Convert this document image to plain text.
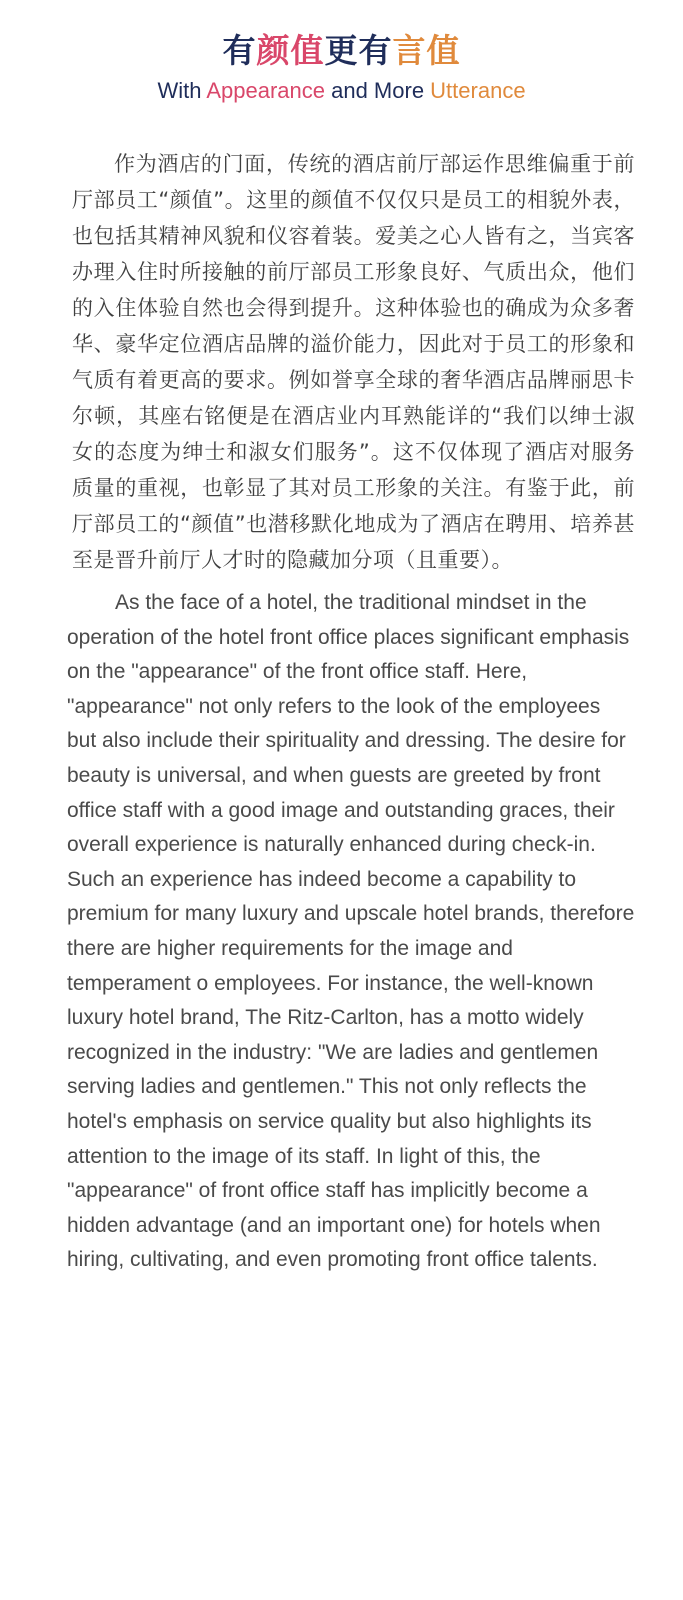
有颜值更有言值
With Appearance and More Utterance

作为酒店的门面，传统的酒店前厅部运作思维偏重于前厅部员工“颜值”。这里的颜值不仅仅只是员工的相貌外表，也包括其精神风貌和仪容着装。爱美之心人皆有之，当宾客办理入住时所接触的前厅部员工形象良好、气质出众，他们的入住体验自然也会得到提升。这种体验也的确成为众多奢华、豪华定位酒店品牌的溢价能力，因此对于员工的形象和气质有着更高的要求。例如誉享全球的奢华酒店品牌丽思卡尔顿，其座右铭便是在酒店业内耳熟能详的“我们以绅士淑女的态度为绅士和淑女们服务”。这不仅体现了酒店对服务质量的重视，也彰显了其对员工形象的关注。有鉴于此，前厅部员工的“颜值”也潜移默化地成为了酒店在聘用、培养甚至是晋升前厅人才时的隐藏加分项（且重要）。

As the face of a hotel, the traditional mindset in the operation of the hotel front office places significant emphasis on the "appearance" of the front office staff. Here, "appearance" not only refers to the look of the employees but also include their spirituality and dressing. The desire for beauty is universal, and when guests are greeted by front office staff with a good image and outstanding graces, their overall experience is naturally enhanced during check-in. Such an experience has indeed become a capability to premium for many luxury and upscale hotel brands, therefore there are higher requirements for the image and temperament o employees. For instance, the well-known luxury hotel brand, The Ritz-Carlton, has a motto widely recognized in the industry: "We are ladies and gentlemen serving ladies and gentlemen." This not only reflects the hotel's emphasis on service quality but also highlights its attention to the image of its staff. In light of this, the "appearance" of front office staff has implicitly become a hidden advantage (and an important one) for hotels when hiring, cultivating, and even promoting front office talents.
